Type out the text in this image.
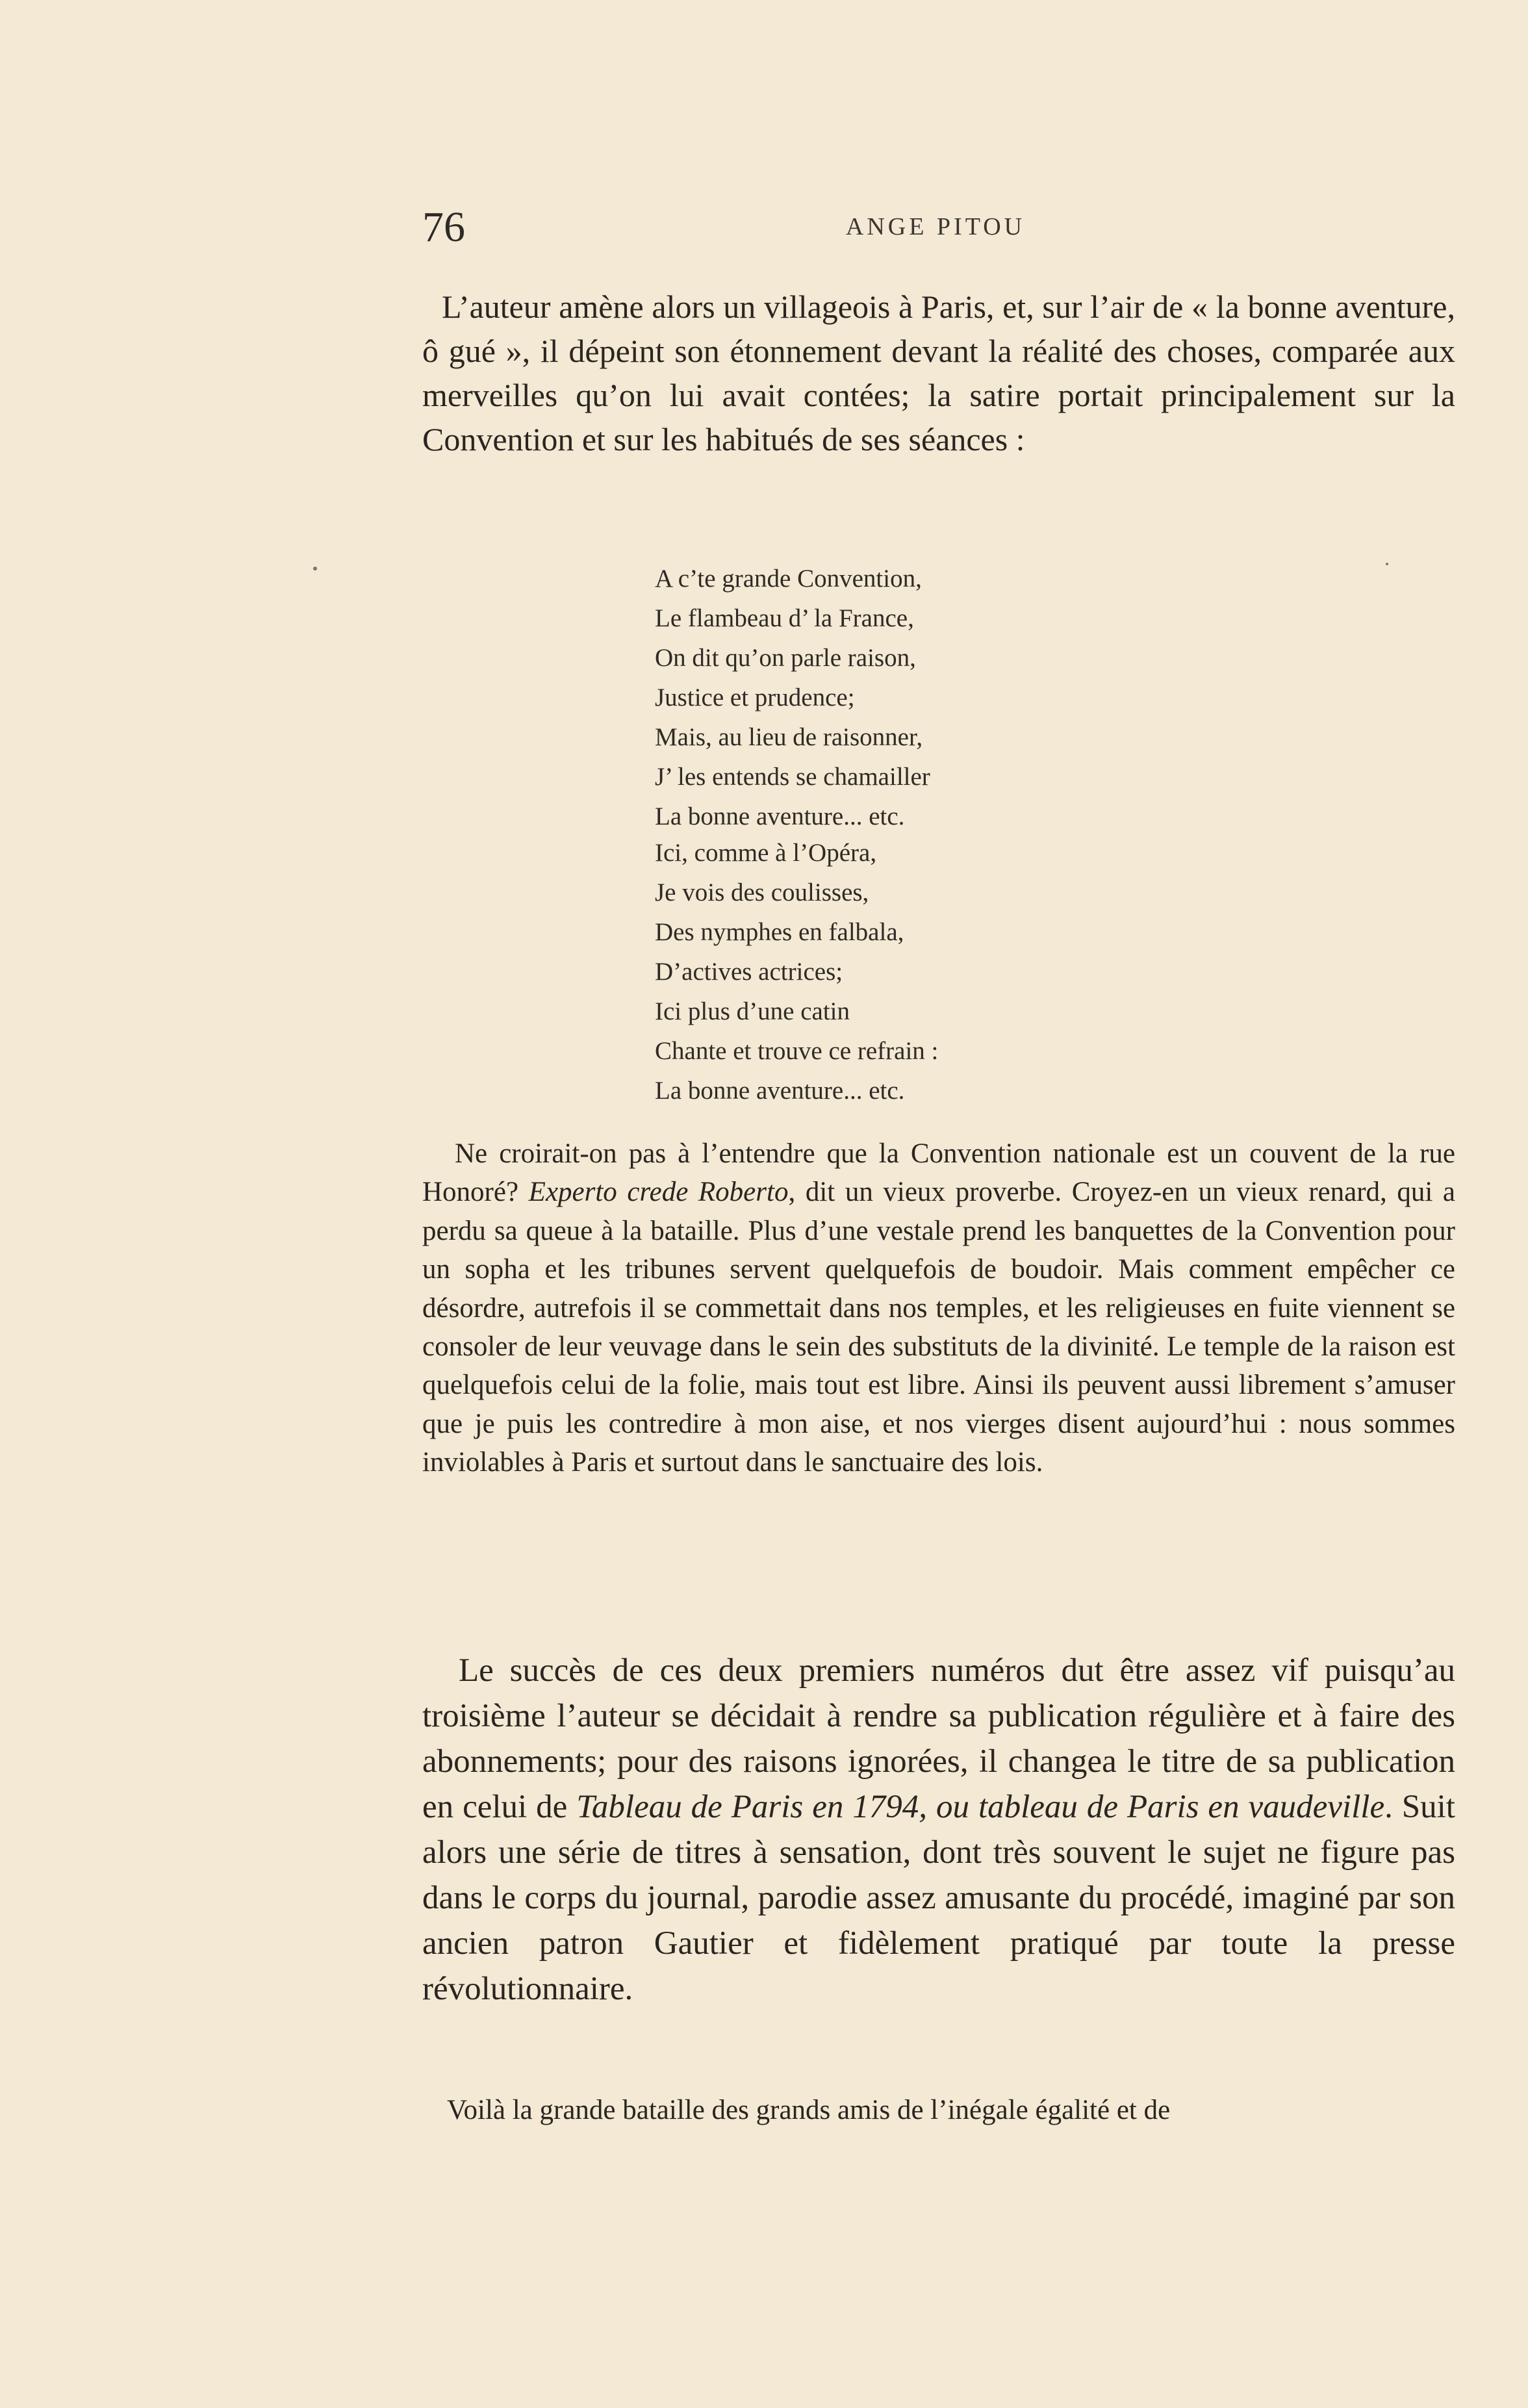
76	ANGE PITOU

L’auteur amène alors un villageois à Paris, et, sur l’air de « la bonne aventure, ô gué », il dépeint son étonnement devant la réalité des choses, comparée aux merveilles qu’on lui avait contées; la satire portait principalement sur la Convention et sur les habitués de ses séances :

A c’te grande Convention,
Le flambeau d’ la France,
On dit qu’on parle raison,
Justice et prudence;
Mais, au lieu de raisonner,
J’ les entends se chamailler
La bonne aventure... etc.
Ici, comme à l’Opéra,
Je vois des coulisses,
Des nymphes en falbala,
D’actives actrices;
Ici plus d’une catin
Chante et trouve ce refrain :
La bonne aventure... etc.

Ne croirait-on pas à l’entendre que la Convention nationale est un couvent de la rue Honoré? Experto crede Roberto, dit un vieux proverbe. Croyez-en un vieux renard, qui a perdu sa queue à la bataille. Plus d’une vestale prend les banquettes de la Convention pour un sopha et les tribunes servent quelquefois de boudoir. Mais comment empêcher ce désordre, autrefois il se commettait dans nos temples, et les religieuses en fuite viennent se consoler de leur veuvage dans le sein des substituts de la divinité. Le temple de la raison est quelquefois celui de la folie, mais tout est libre. Ainsi ils peuvent aussi librement s’amuser que je puis les contredire à mon aise, et nos vierges disent aujourd’hui : nous sommes inviolables à Paris et surtout dans le sanctuaire des lois.

Le succès de ces deux premiers numéros dut être assez vif puisqu’au troisième l’auteur se décidait à rendre sa publication régulière et à faire des abonnements; pour des raisons ignorées, il changea le titre de sa publication en celui de Tableau de Paris en 1794, ou tableau de Paris en vaudeville. Suit alors une série de titres à sensation, dont très souvent le sujet ne figure pas dans le corps du journal, parodie assez amusante du procédé, imaginé par son ancien patron Gautier et fidèlement pratiqué par toute la presse révolutionnaire.

Voilà la grande bataille des grands amis de l’inégale égalité et de
